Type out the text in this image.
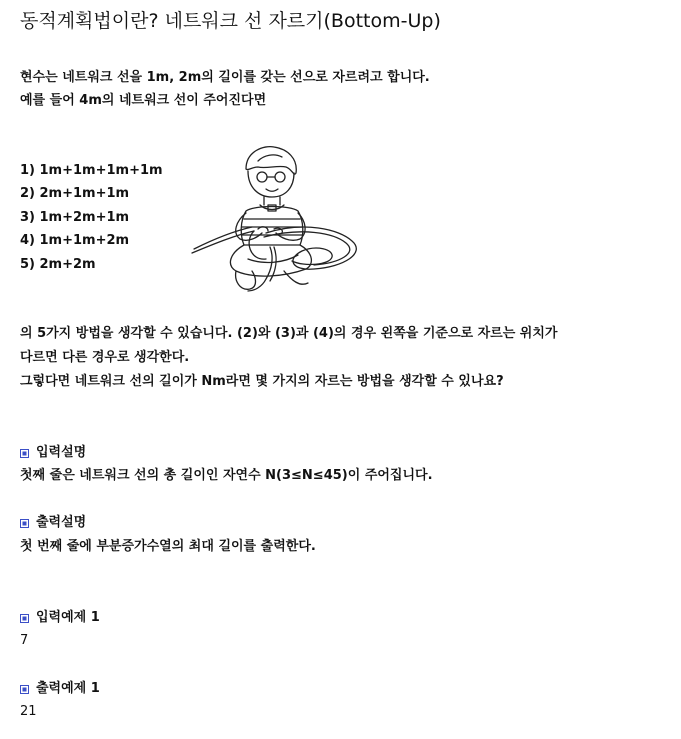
동적계획법이란? 네트워크 선 자르기(Bottom-Up)
현수는 네트워크 선을 1m, 2m의 길이를 갖는 선으로 자르려고 합니다.
예를 들어 4m의 네트워크 선이 주어진다면
1) 1m+1m+1m+1m
2) 2m+1m+1m
3) 1m+2m+1m
4) 1m+1m+2m
5) 2m+2m
의 5가지 방법을 생각할 수 있습니다. (2)와 (3)과 (4)의 경우 왼쪽을 기준으로 자르는 위치가
다르면 다른 경우로 생각한다.
그렇다면 네트워크 선의 길이가 Nm라면 몇 가지의 자르는 방법을 생각할 수 있나요?
입력설명
첫째 줄은 네트워크 선의 총 길이인 자연수 N(3≤N≤45)이 주어집니다.
출력설명
첫 번째 줄에 부분증가수열의 최대 길이를 출력한다.
입력예제 1
7
출력예제 1
21
